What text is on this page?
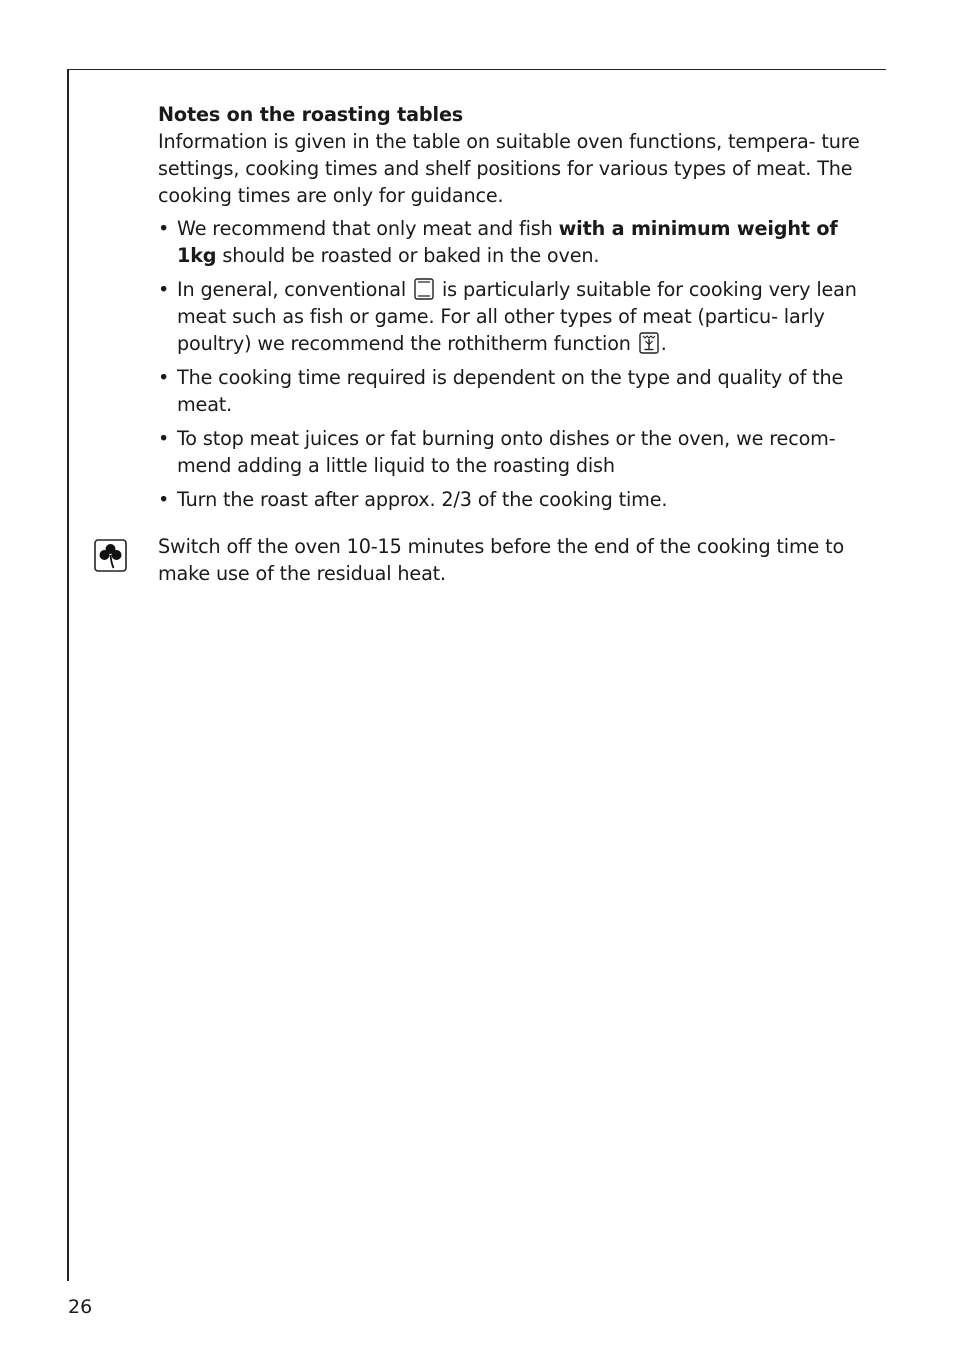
Notes on the roasting tables

Information is given in the table on suitable oven functions, tempera- ture settings, cooking times and shelf positions for various types of meat. The cooking times are only for guidance.

• We recommend that only meat and fish with a minimum weight of 1kg should be roasted or baked in the oven.
• In general, conventional  is particularly suitable for cooking very lean meat such as fish or game. For all other types of meat (particu- larly poultry) we recommend the rothitherm function .
• The cooking time required is dependent on the type and quality of the meat.
• To stop meat juices or fat burning onto dishes or the oven, we recom- mend adding a little liquid to the roasting dish
• Turn the roast after approx. 2/3 of the cooking time.

Switch off the oven 10-15 minutes before the end of the cooking time to make use of the residual heat.

26
